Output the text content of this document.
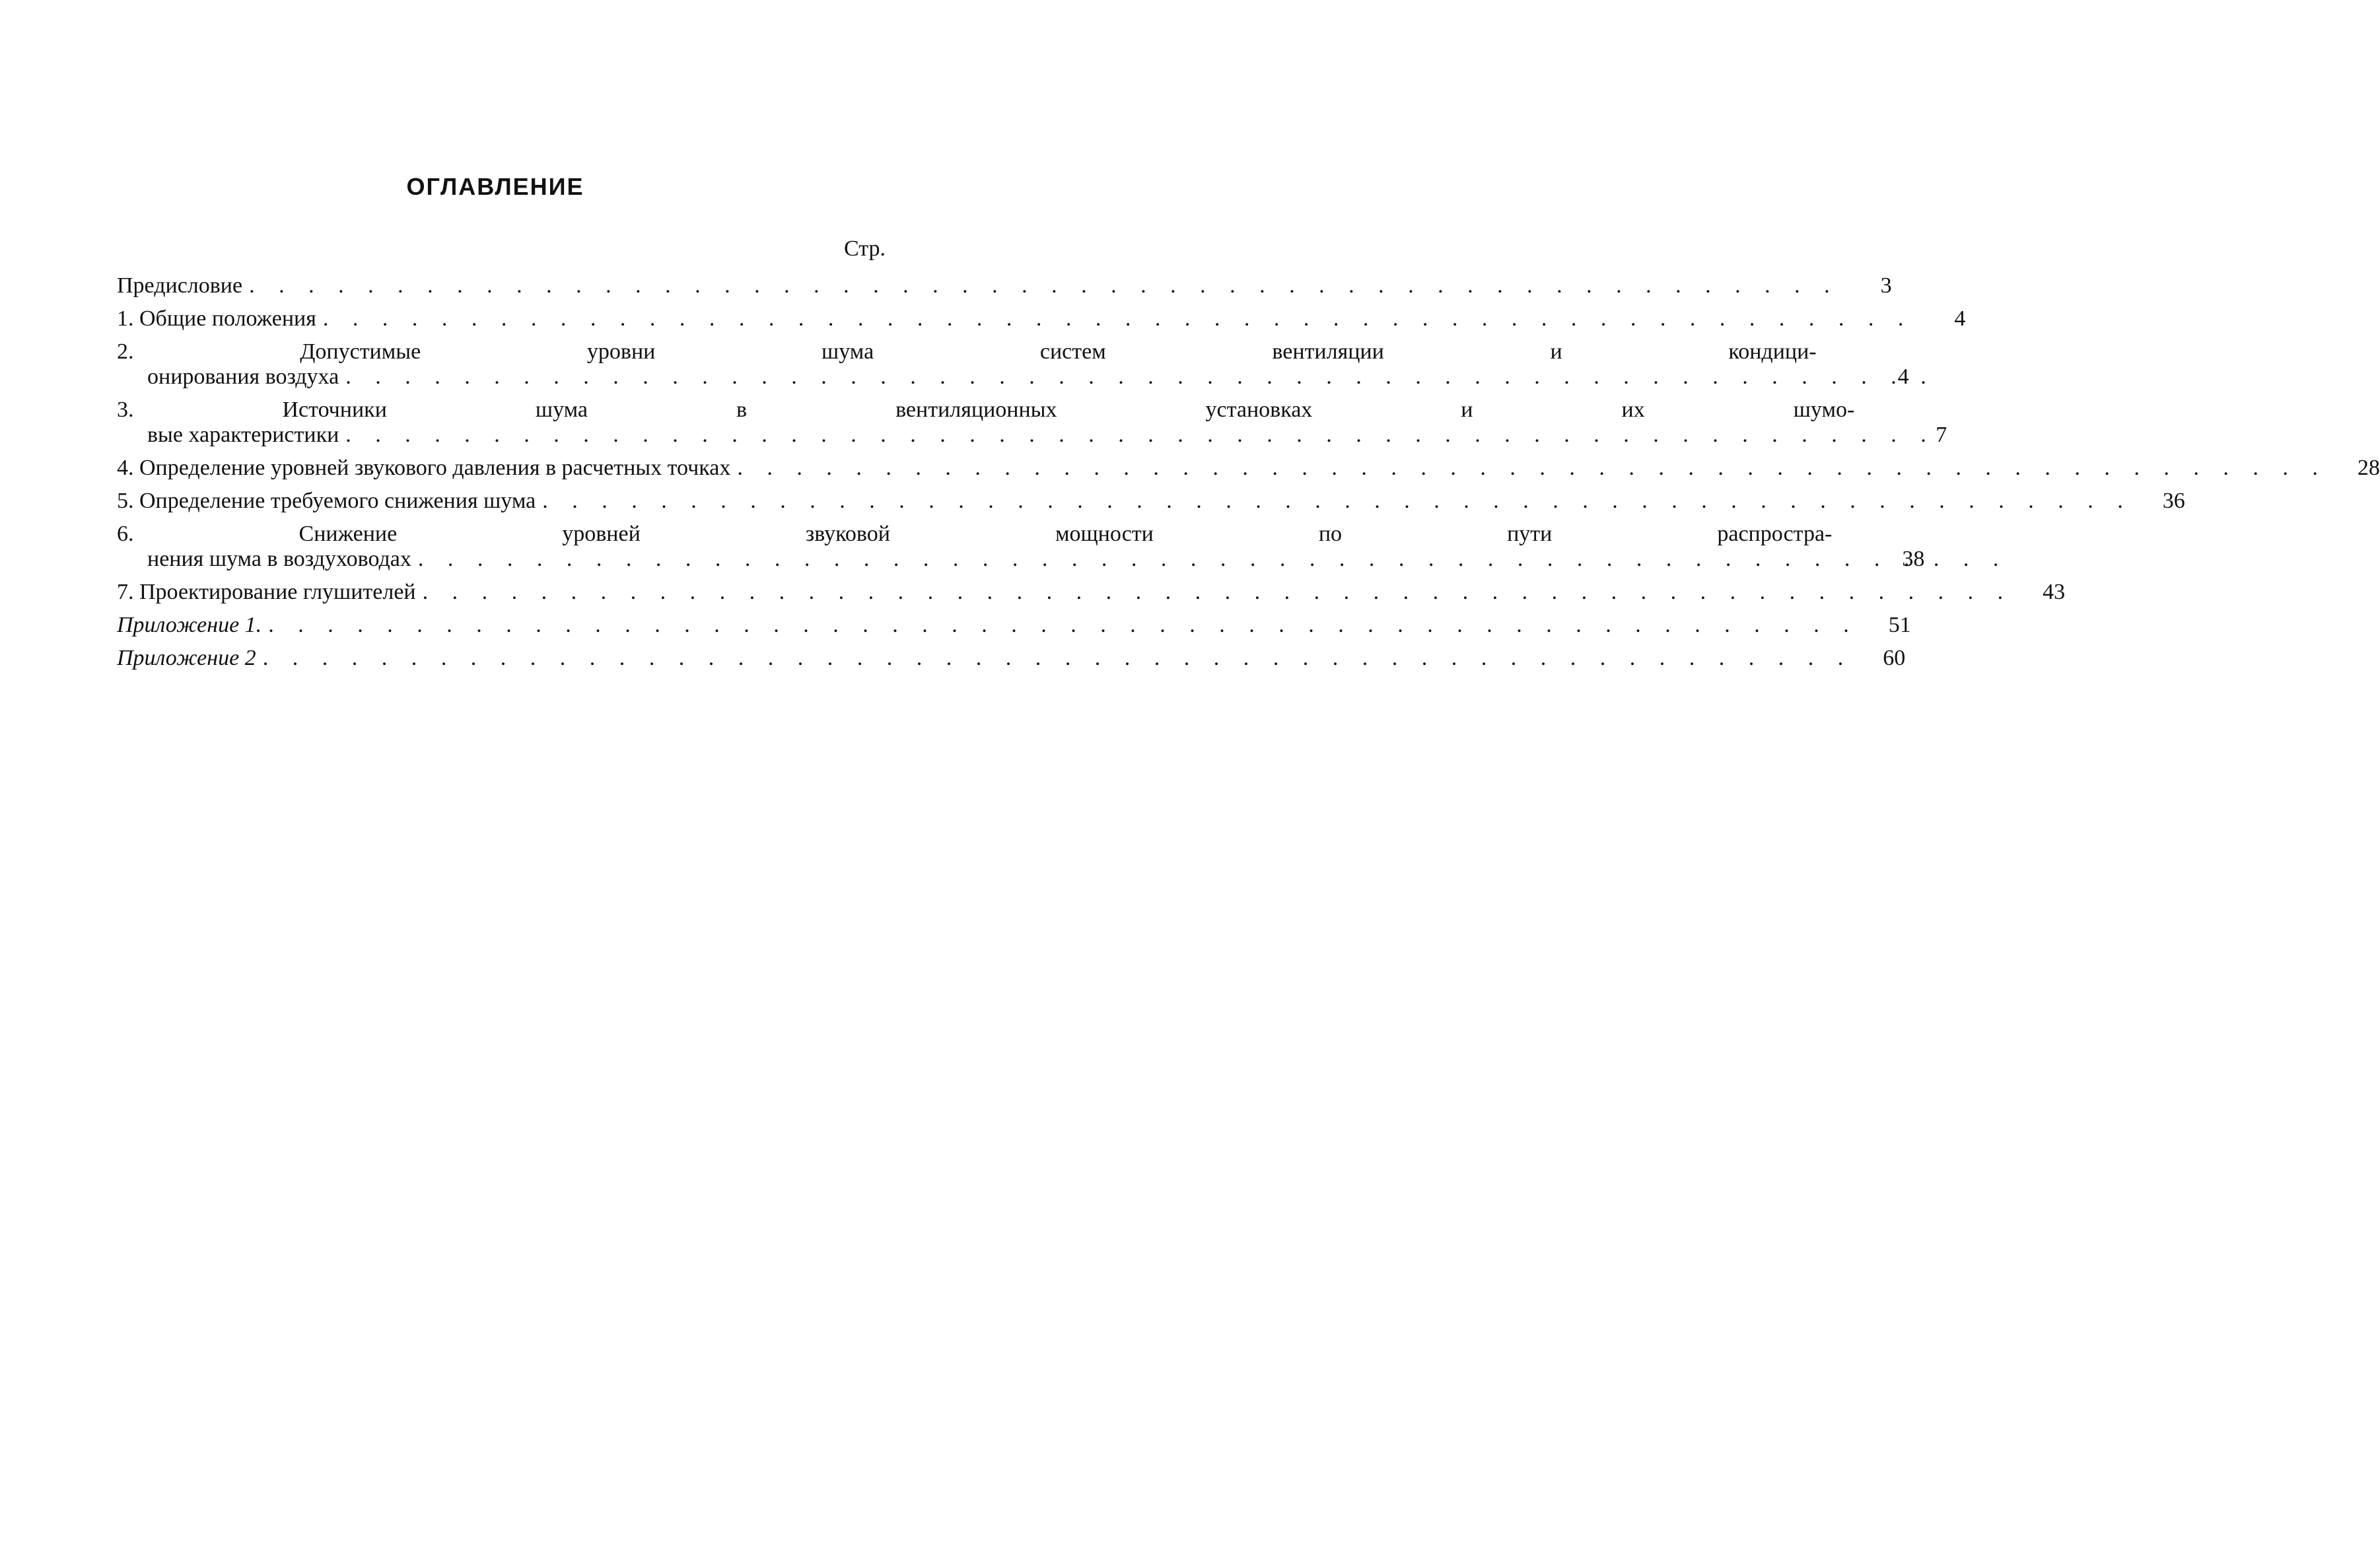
ОГЛАВЛЕНИЕ
Стр.
Предисловие . . .	3
1. Общие положения . . .	4
2. Допустимые уровни шума систем вентиляции и кондици-
онирования воздуха . . .	4
3. Источники шума в вентиляционных установках и их шумо-
вые характеристики . . .	7
4. Определение уровней звукового давления в расчетных точках . . .	28
5. Определение требуемого снижения шума . . .	36
6. Снижение уровней звуковой мощности по пути распростра-
нения шума в воздуховодах . . .	38
7. Проектирование глушителей . . .	43
Приложение 1. . . .	51
Приложение 2 . . .	60
